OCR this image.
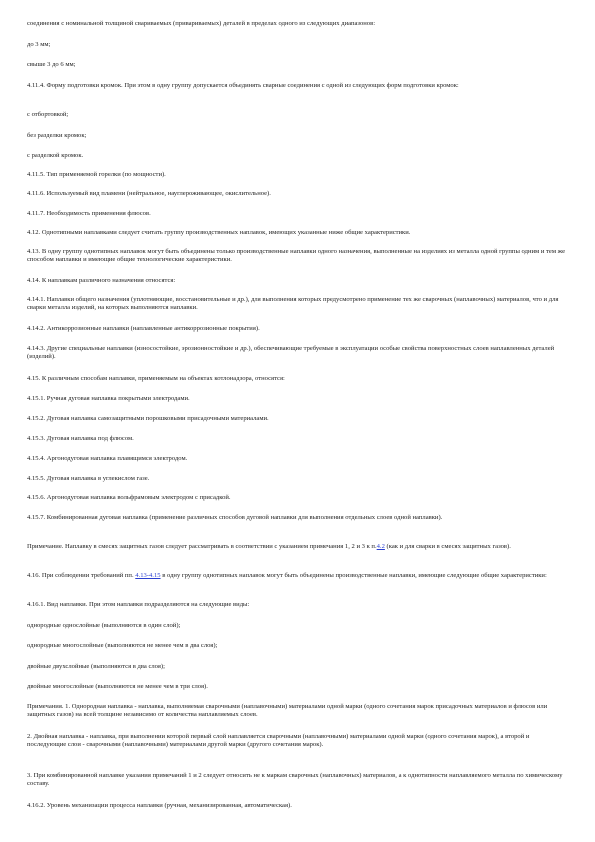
соединения с номинальной толщиной свариваемых (привариваемых) деталей в пределах одного из следующих диапазонов:

до 3 мм;

свыше 3 до 6 мм;

4.11.4. Форму подготовки кромок. При этом в одну группу допускается объединять сварные соединения с одной из следующих форм подготовки кромок:

с отбортовкой;

без разделки кромок;

с разделкой кромок.

4.11.5. Тип применяемой горелки (по мощности).

4.11.6. Используемый вид пламени (нейтральное, науглероживающее, окислительное).

4.11.7. Необходимость применения флюсов.

4.12. Однотипными наплавками следует считать группу производственных наплавок, имеющих указанные ниже общие характеристики.

4.13. В одну группу однотипных наплавок могут быть объединены только производственные наплавки одного назначения, выполненные на изделиях из металла одной группы одним и тем же способом наплавки и имеющие общие технологические характеристики.

4.14. К наплавкам различного назначения относятся:

4.14.1. Наплавки общего назначения (уплотняющие, восстановительные и др.), для выполнения которых предусмотрено применение тех же сварочных (наплавочных) материалов, что и для сварки металла изделий, на которых выполняются наплавки.

4.14.2. Антикоррозионные наплавки (наплавленные антикоррозионные покрытия).

4.14.3. Другие специальные наплавки (износостойкие, эрозионностойкие и др.), обеспечивающие требуемые в эксплуатации особые свойства поверхностных слоев наплавленных деталей (изделий).

4.15. К различным способам наплавки, применяемым на объектах котлонадзора, относятся:

4.15.1. Ручная дуговая наплавка покрытыми электродами.

4.15.2. Дуговая наплавка самозащитными порошковыми присадочными материалами.

4.15.3. Дуговая наплавка под флюсом.

4.15.4. Аргонодуговая наплавка плавящимся электродом.

4.15.5. Дуговая наплавка в углекислом газе.

4.15.6. Аргонодуговая наплавка вольфрамовым электродом с присадкой.

4.15.7. Комбинированная дуговая наплавка (применение различных способов дуговой наплавки для выполнения отдельных слоев одной наплавки).

Примечание. Наплавку в смесях защитных газов следует рассматривать в соответствии с указанием примечания 1, 2 и 3 к п.4.2 (как и для сварки в смесях защитных газов).

4.16. При соблюдении требований пп. 4.13-4.15 в одну группу однотипных наплавок могут быть объединены производственные наплавки, имеющие следующие общие характеристики:

4.16.1. Вид наплавки. При этом наплавки подразделяются на следующие виды:

однородные однослойные (выполняются в один слой);

однородные многослойные (выполняются не менее чем в два слоя);

двойные двухслойные (выполняются в два слоя);

двойные многослойные (выполняются не менее чем в три слоя).

Примечания. 1. Однородная наплавка - наплавка, выполняемая сварочными (наплавочными) материалами одной марки (одного сочетания марок присадочных материалов и флюсов или защитных газов) на всей толщине независимо от количества наплавляемых слоев.

2. Двойная наплавка - наплавка, при выполнении которой первый слой наплавляется сварочными (наплавочными) материалами одной марки (одного сочетания марок), а второй и последующие слои - сварочными (наплавочными) материалами другой марки (другого сочетания марок).

3. При комбинированной наплавке указания примечаний 1 и 2 следует относить не к маркам сварочных (наплавочных) материалов, а к однотипности наплавляемого металла по химическому составу.

4.16.2. Уровень механизации процесса наплавки (ручная, механизированная, автоматическая).
